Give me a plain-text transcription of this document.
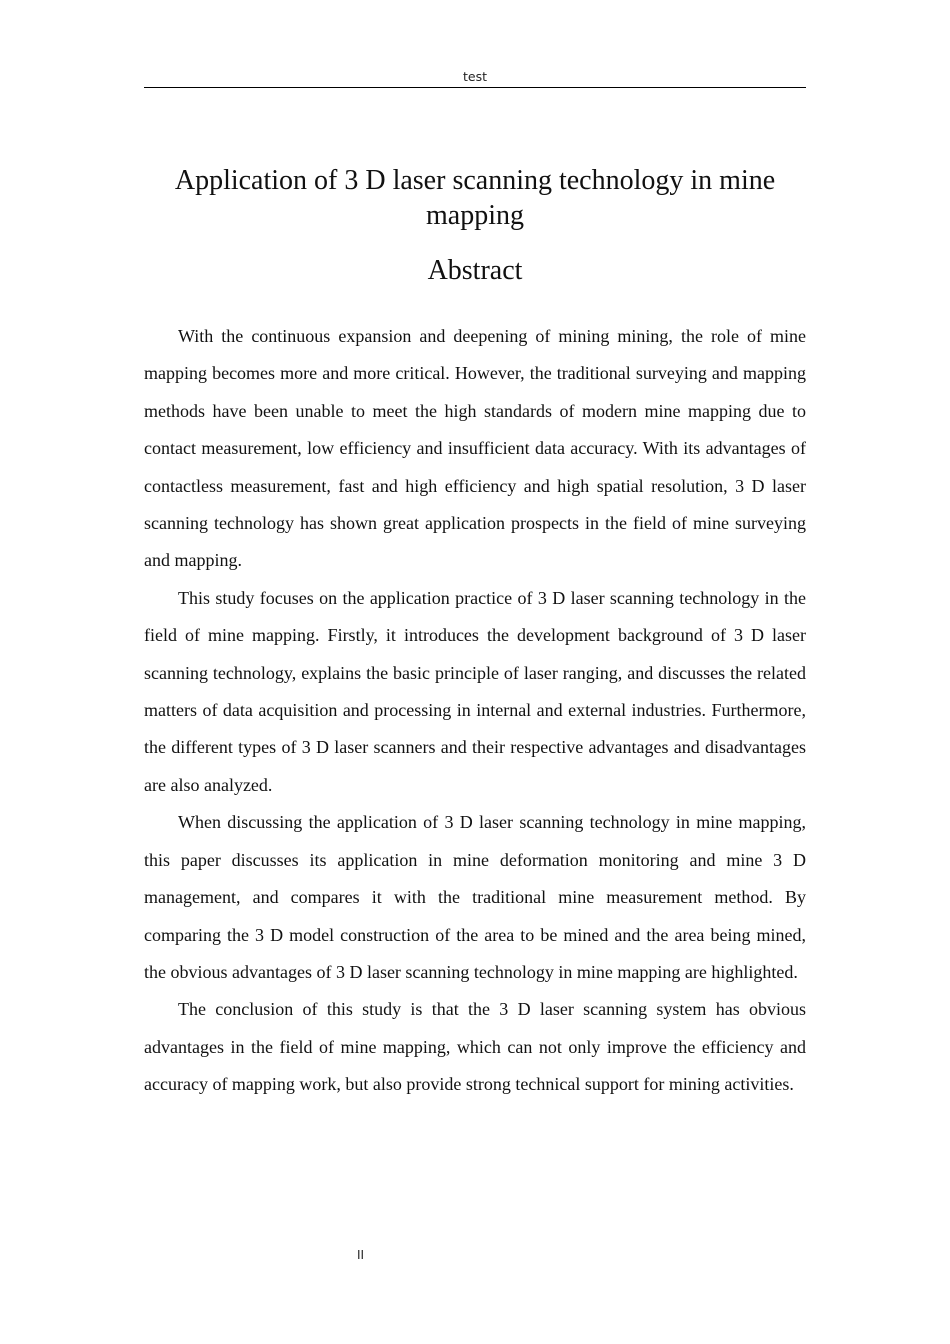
test
Application of 3 D laser scanning technology in mine mapping
Abstract

With the continuous expansion and deepening of mining mining, the role of mine mapping becomes more and more critical. However, the traditional surveying and mapping methods have been unable to meet the high standards of modern mine mapping due to contact measurement, low efficiency and insufficient data accuracy. With its advantages of contactless measurement, fast and high efficiency and high spatial resolution, 3 D laser scanning technology has shown great application prospects in the field of mine surveying and mapping.

This study focuses on the application practice of 3 D laser scanning technology in the field of mine mapping. Firstly, it introduces the development background of 3 D laser scanning technology, explains the basic principle of laser ranging, and discusses the related matters of data acquisition and processing in internal and external industries. Furthermore, the different types of 3 D laser scanners and their respective advantages and disadvantages are also analyzed.

When discussing the application of 3 D laser scanning technology in mine mapping, this paper discusses its application in mine deformation monitoring and mine 3 D management, and compares it with the traditional mine measurement method. By comparing the 3 D model construction of the area to be mined and the area being mined, the obvious advantages of 3 D laser scanning technology in mine mapping are highlighted.

The conclusion of this study is that the 3 D laser scanning system has obvious advantages in the field of mine mapping, which can not only improve the efficiency and accuracy of mapping work, but also provide strong technical support for mining activities.

II
